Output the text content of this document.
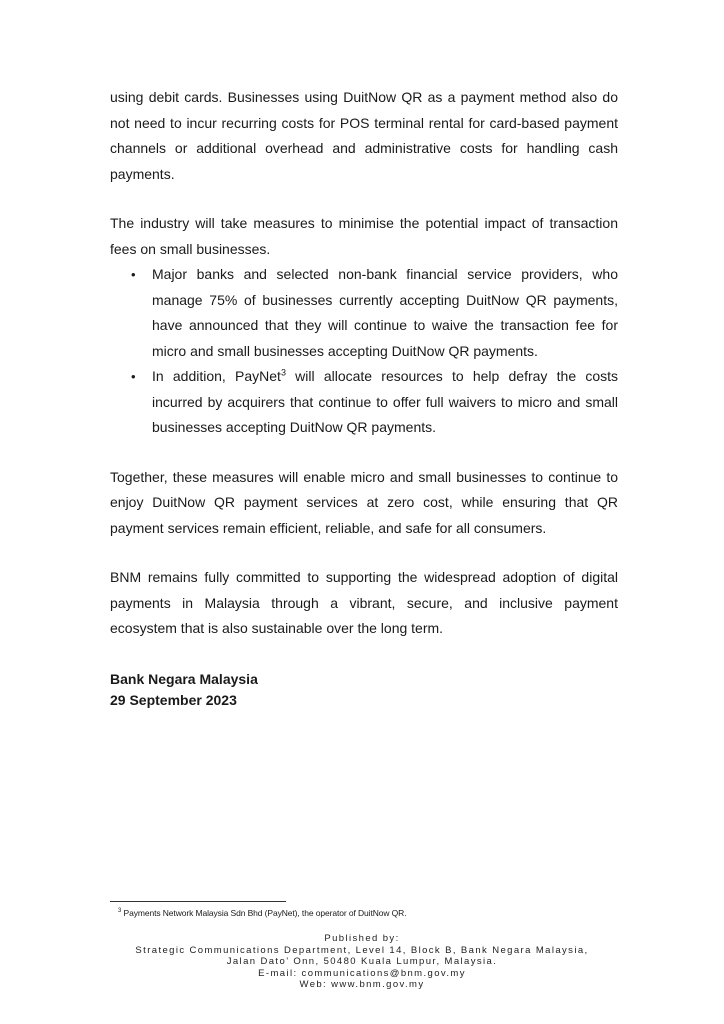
using debit cards. Businesses using DuitNow QR as a payment method also do not need to incur recurring costs for POS terminal rental for card-based payment channels or additional overhead and administrative costs for handling cash payments.

The industry will take measures to minimise the potential impact of transaction fees on small businesses.

• Major banks and selected non-bank financial service providers, who manage 75% of businesses currently accepting DuitNow QR payments, have announced that they will continue to waive the transaction fee for micro and small businesses accepting DuitNow QR payments.
• In addition, PayNet$^3$ will allocate resources to help defray the costs incurred by acquirers that continue to offer full waivers to micro and small businesses accepting DuitNow QR payments.

Together, these measures will enable micro and small businesses to continue to enjoy DuitNow QR payment services at zero cost, while ensuring that QR payment services remain efficient, reliable, and safe for all consumers.

BNM remains fully committed to supporting the widespread adoption of digital payments in Malaysia through a vibrant, secure, and inclusive payment ecosystem that is also sustainable over the long term.

Bank Negara Malaysia
29 September 2023
$^3$ Payments Network Malaysia Sdn Bhd (PayNet), the operator of DuitNow QR.
Published by:
Strategic Communications Department, Level 14, Block B, Bank Negara Malaysia,
Jalan Dato’ Onn, 50480 Kuala Lumpur, Malaysia.
E-mail: communications@bnm.gov.my
Web: www.bnm.gov.my
